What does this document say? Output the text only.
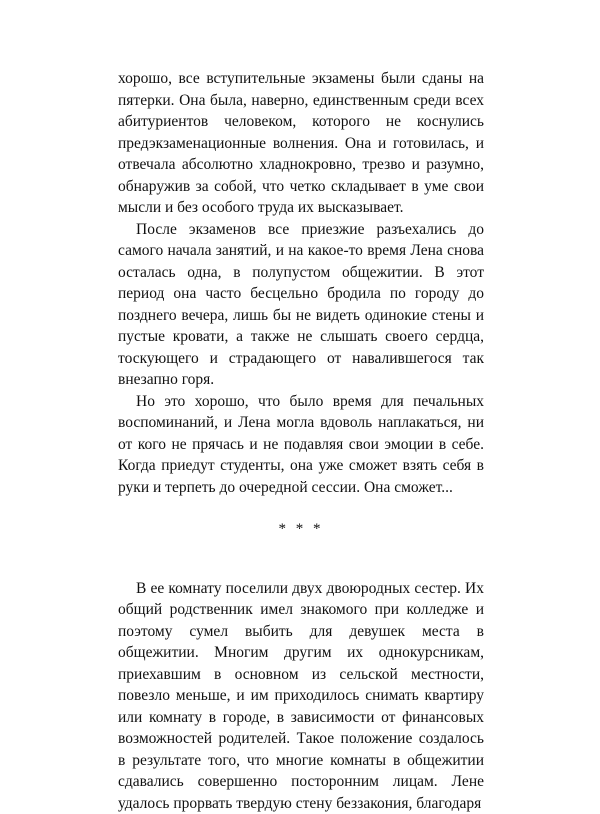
хорошо, все вступительные экзамены были сданы на пятерки. Она была, наверно, единственным среди всех абитуриентов человеком, которого не коснулись предэкзаменационные волнения. Она и готовилась, и отвечала абсолютно хладнокровно, трезво и разумно, обнаружив за собой, что четко складывает в уме свои мысли и без особого труда их высказывает.

После экзаменов все приезжие разъехались до самого начала занятий, и на какое-то время Лена снова осталась одна, в полупустом общежитии. В этот период она часто бесцельно бродила по городу до позднего вечера, лишь бы не видеть одинокие стены и пустые кровати, а также не слышать своего сердца, тоскующего и страдающего от навалившегося так внезапно горя.

Но это хорошо, что было время для печальных воспоминаний, и Лена могла вдоволь наплакаться, ни от кого не прячась и не подавляя свои эмоции в себе. Когда приедут студенты, она уже сможет взять себя в руки и терпеть до очередной сессии. Она сможет...

* * *

В ее комнату поселили двух двоюродных сестер. Их общий родственник имел знакомого при колледже и поэтому сумел выбить для девушек места в общежитии. Многим другим их однокурсникам, приехавшим в основном из сельской местности, повезло меньше, и им приходилось снимать квартиру или комнату в городе, в зависимости от финансовых возможностей родителей. Такое положение создалось в результате того, что многие комнаты в общежитии сдавались совершенно посторонним лицам. Лене удалось прорвать твердую стену беззакония, благодаря
